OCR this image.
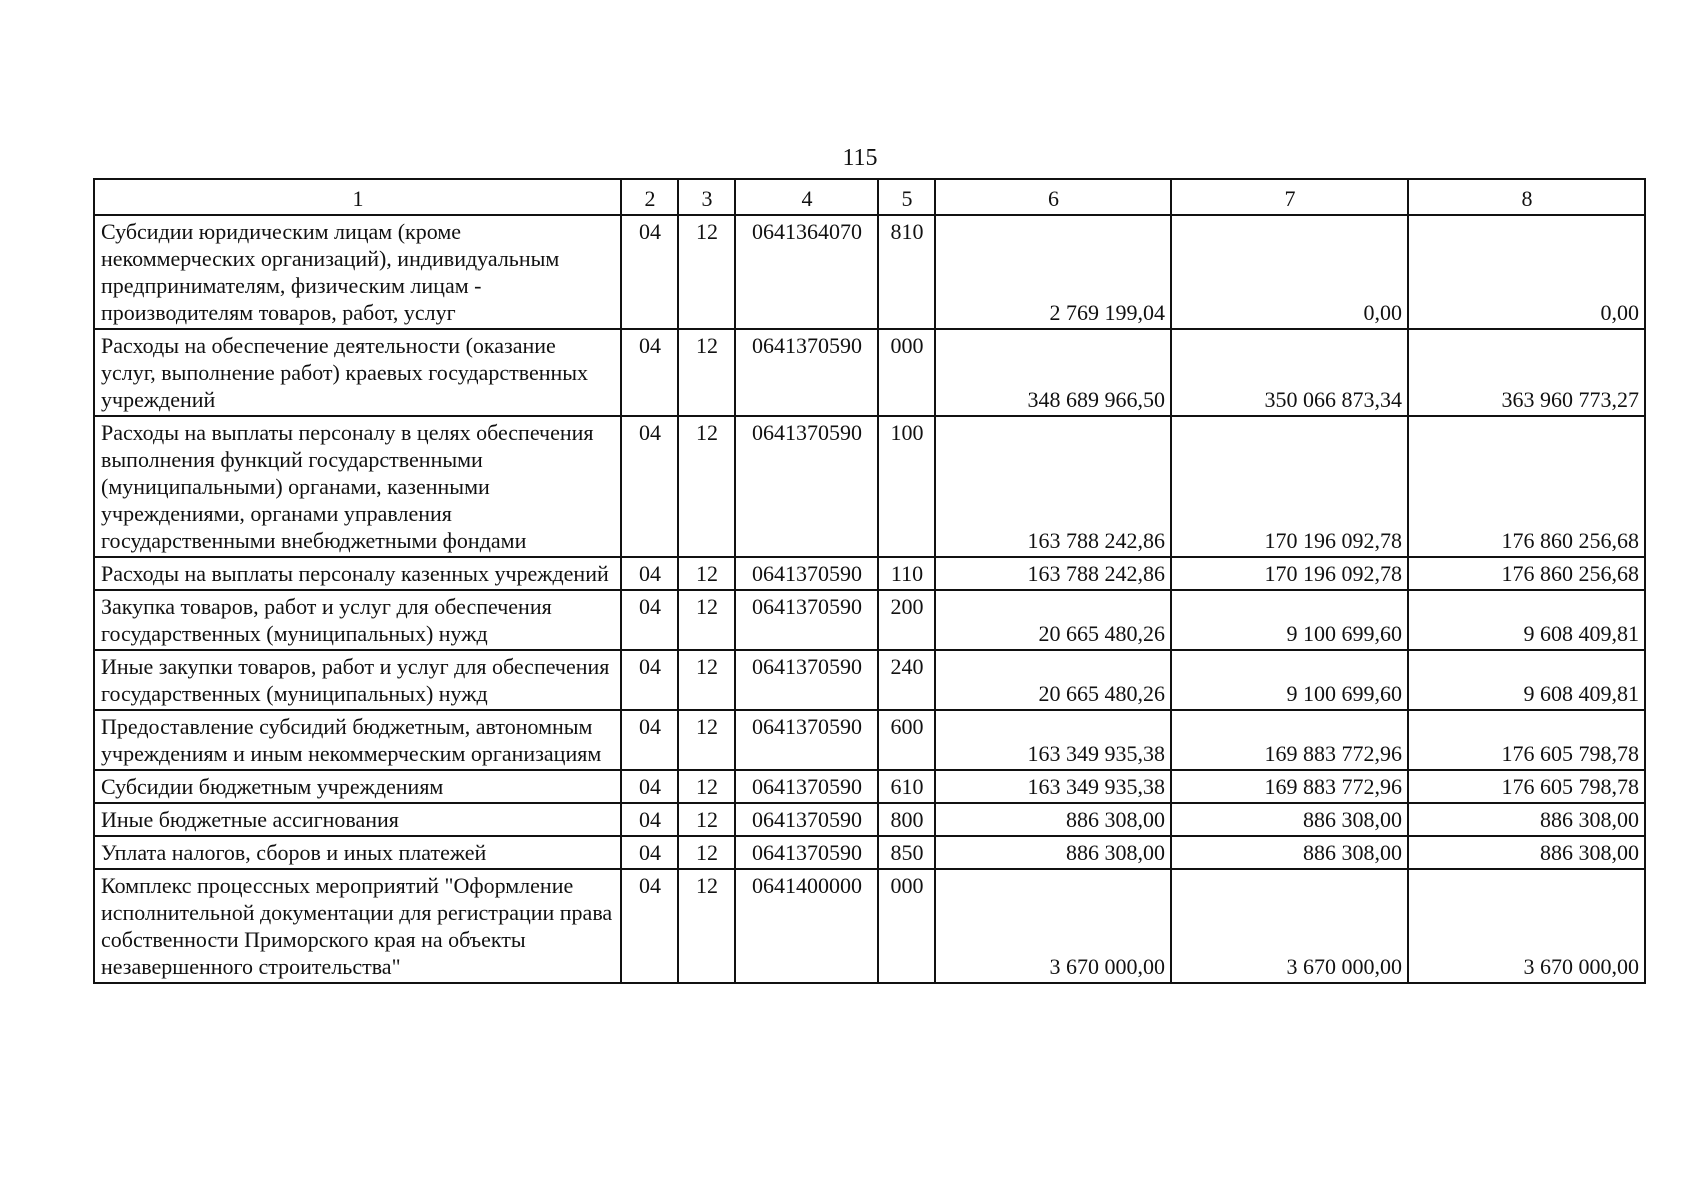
115
1	2	3	4	5	6	7	8
Субсидии юридическим лицам (кроме некоммерческих организаций), индивидуальным предпринимателям, физическим лицам - производителям товаров, работ, услуг	04	12	0641364070	810	2 769 199,04	0,00	0,00
Расходы на обеспечение деятельности (оказание услуг, выполнение работ) краевых государственных учреждений	04	12	0641370590	000	348 689 966,50	350 066 873,34	363 960 773,27
Расходы на выплаты персоналу в целях обеспечения выполнения функций государственными (муниципальными) органами, казенными учреждениями, органами управления государственными внебюджетными фондами	04	12	0641370590	100	163 788 242,86	170 196 092,78	176 860 256,68
Расходы на выплаты персоналу казенных учреждений	04	12	0641370590	110	163 788 242,86	170 196 092,78	176 860 256,68
Закупка товаров, работ и услуг для обеспечения государственных (муниципальных) нужд	04	12	0641370590	200	20 665 480,26	9 100 699,60	9 608 409,81
Иные закупки товаров, работ и услуг для обеспечения государственных (муниципальных) нужд	04	12	0641370590	240	20 665 480,26	9 100 699,60	9 608 409,81
Предоставление субсидий бюджетным, автономным учреждениям и иным некоммерческим организациям	04	12	0641370590	600	163 349 935,38	169 883 772,96	176 605 798,78
Субсидии бюджетным учреждениям	04	12	0641370590	610	163 349 935,38	169 883 772,96	176 605 798,78
Иные бюджетные ассигнования	04	12	0641370590	800	886 308,00	886 308,00	886 308,00
Уплата налогов, сборов и иных платежей	04	12	0641370590	850	886 308,00	886 308,00	886 308,00
Комплекс процессных мероприятий "Оформление исполнительной документации для регистрации права собственности Приморского края на объекты незавершенного строительства"	04	12	0641400000	000	3 670 000,00	3 670 000,00	3 670 000,00
